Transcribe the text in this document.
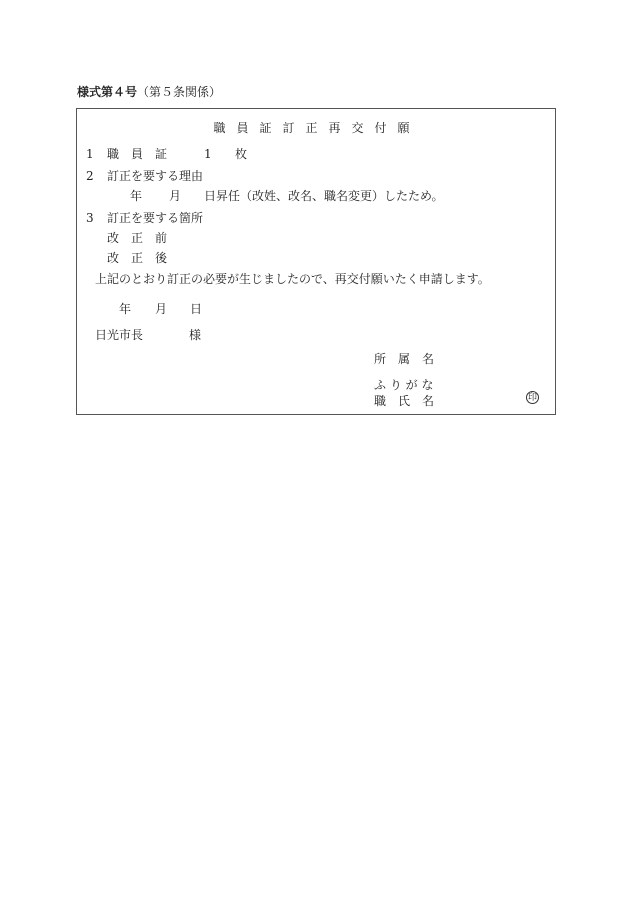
様式第４号（第５条関係）
職員証訂正再交付願
1 職　員　証	1 枚
2 訂正を要する理由
年 月 日昇任（改姓、改名、職名変更）したため。
3 訂正を要する箇所
改　正　前
改　正　後
上記のとおり訂正の必要が生じましたので、再交付願いたく申請します。
年 月 日
日光市長	様
所　属　名
ふ り が な
職　氏　名	印
